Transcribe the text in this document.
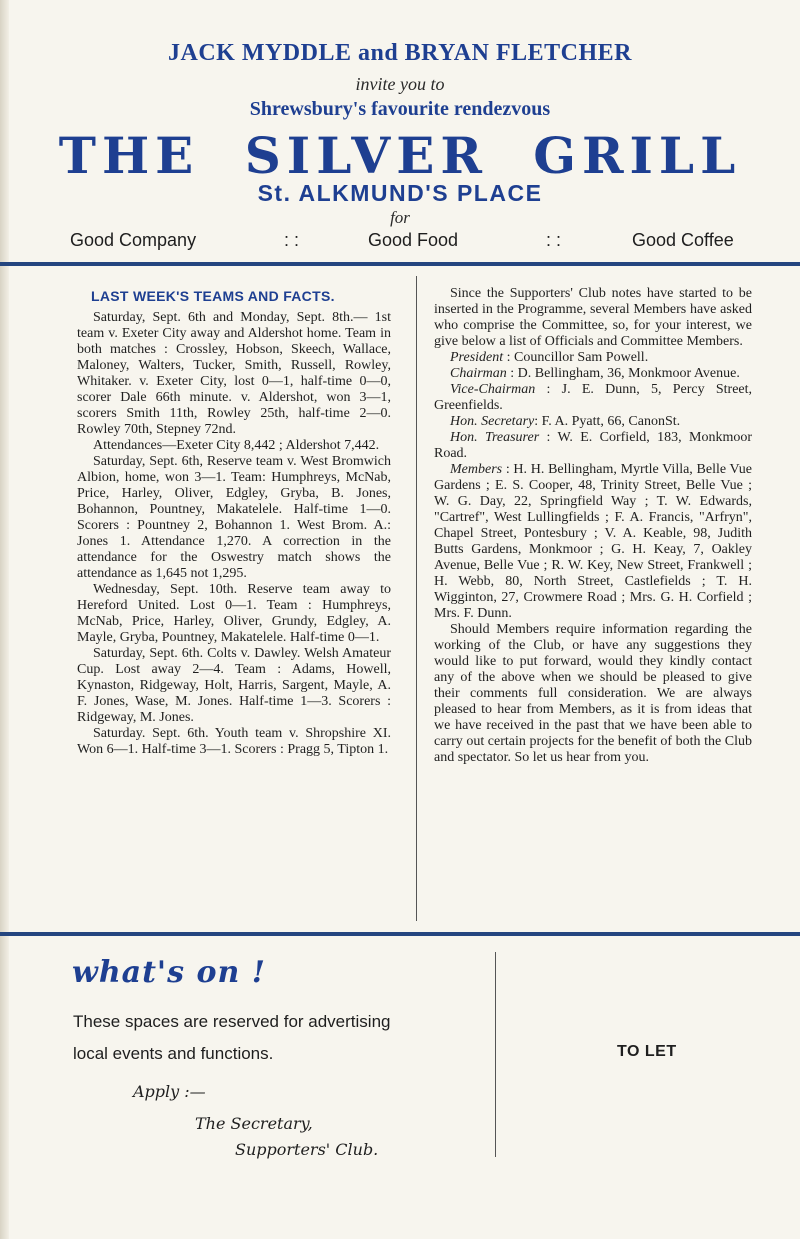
JACK MYDDLE and BRYAN FLETCHER
invite you to
Shrewsbury's favourite rendezvous
THE SILVER GRILL
St. ALKMUND'S PLACE
for
Good Company	: :	Good Food	: :	Good Coffee
LAST WEEK'S TEAMS AND FACTS.

Saturday, Sept. 6th and Monday, Sept. 8th.— 1st team v. Exeter City away and Aldershot home. Team in both matches : Crossley, Hobson, Skeech, Wallace, Maloney, Walters, Tucker, Smith, Russell, Rowley, Whitaker. v. Exeter City, lost 0—1, half-time 0—0, scorer Dale 66th minute. v. Aldershot, won 3—1, scorers Smith 11th, Rowley 25th, half-time 2—0. Rowley 70th, Stepney 72nd.

Attendances—Exeter City 8,442 ; Aldershot 7,442.

Saturday, Sept. 6th, Reserve team v. West Bromwich Albion, home, won 3—1. Team: Humphreys, McNab, Price, Harley, Oliver, Edgley, Gryba, B. Jones, Bohannon, Pountney, Makatelele. Half-time 1—0. Scorers : Pountney 2, Bohannon 1. West Brom. A.: Jones 1. Attendance 1,270. A correction in the attendance for the Oswestry match shows the attendance as 1,645 not 1,295.

Wednesday, Sept. 10th. Reserve team away to Hereford United. Lost 0—1. Team : Humphreys, McNab, Price, Harley, Oliver, Grundy, Edgley, A. Mayle, Gryba, Pountney, Makatelele. Half-time 0—1.

Saturday, Sept. 6th. Colts v. Dawley. Welsh Amateur Cup. Lost away 2—4. Team : Adams, Howell, Kynaston, Ridgeway, Holt, Harris, Sargent, Mayle, A. F. Jones, Wase, M. Jones. Half-time 1—3. Scorers : Ridgeway, M. Jones.

Saturday. Sept. 6th. Youth team v. Shropshire XI. Won 6—1. Half-time 3—1. Scorers : Pragg 5, Tipton 1.

Since the Supporters' Club notes have started to be inserted in the Programme, several Members have asked who comprise the Committee, so, for your interest, we give below a list of Officials and Committee Members.

President : Councillor Sam Powell.

Chairman : D. Bellingham, 36, Monkmoor Avenue.

Vice-Chairman : J. E. Dunn, 5, Percy Street, Greenfields.

Hon. Secretary: F. A. Pyatt, 66, CanonSt.

Hon. Treasurer : W. E. Corfield, 183, Monkmoor Road.

Members : H. H. Bellingham, Myrtle Villa, Belle Vue Gardens ; E. S. Cooper, 48, Trinity Street, Belle Vue ; W. G. Day, 22, Springfield Way ; T. W. Edwards, "Cartref", West Lullingfields ; F. A. Francis, "Arfryn", Chapel Street, Pontesbury ; V. A. Keable, 98, Judith Butts Gardens, Monkmoor ; G. H. Keay, 7, Oakley Avenue, Belle Vue ; R. W. Key, New Street, Frankwell ; H. Webb, 80, North Street, Castlefields ; T. H. Wigginton, 27, Crowmere Road ; Mrs. G. H. Corfield ; Mrs. F. Dunn.

Should Members require information regarding the working of the Club, or have any suggestions they would like to put forward, would they kindly contact any of the above when we should be pleased to give their comments full consideration. We are always pleased to hear from Members, as it is from ideas that we have received in the past that we have been able to carry out certain projects for the benefit of both the Club and spectator. So let us hear from you.

what's on !
These spaces are reserved for advertising
local events and functions.
Apply :—
The Secretary,
Supporters' Club.
TO LET
